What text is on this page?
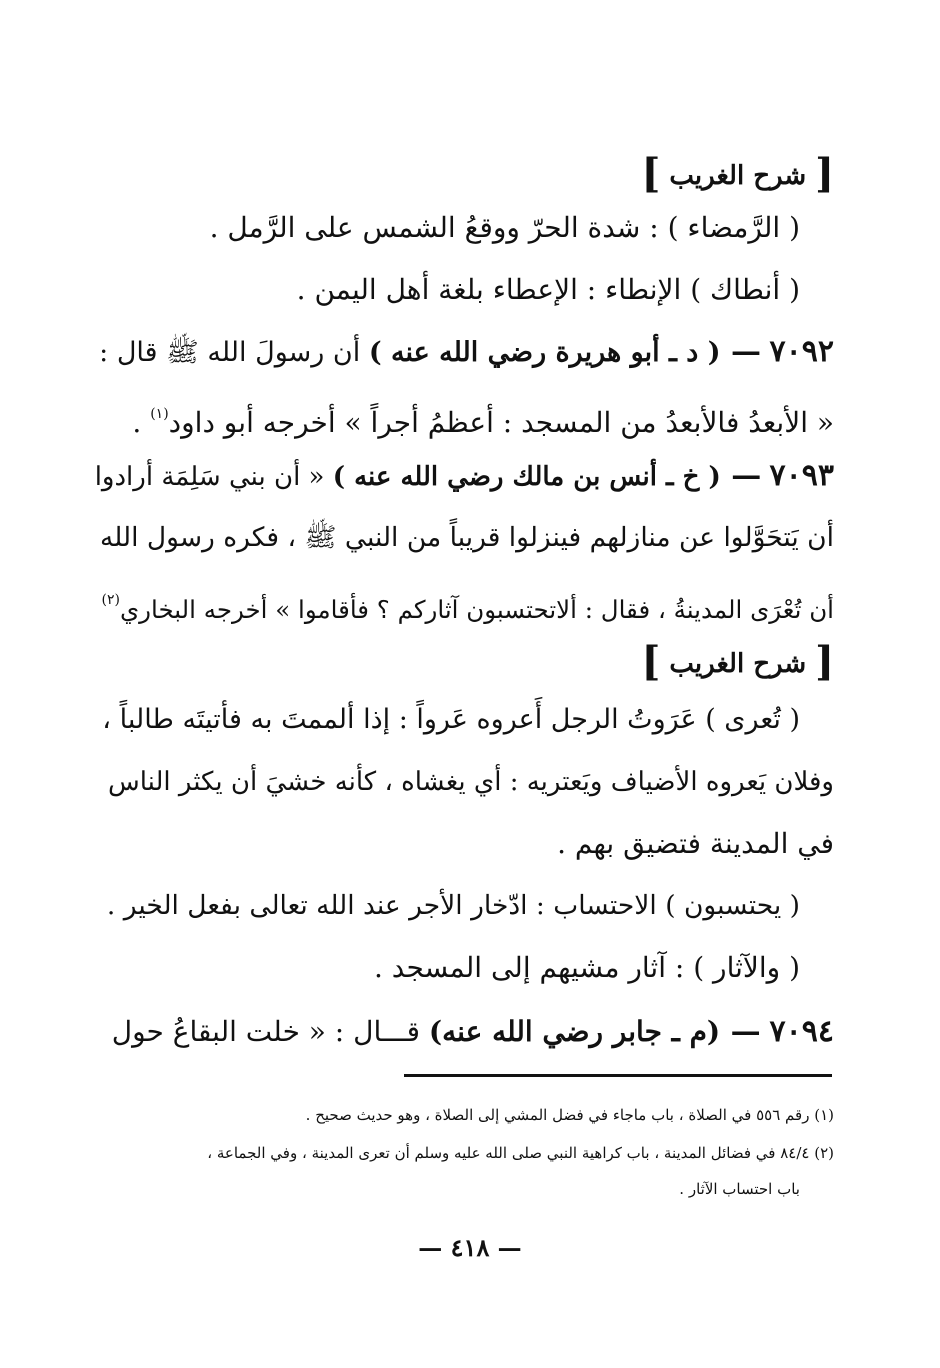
[ شرح الغريب ]
( الرَّمضاء ) : شدة الحرّ ووقعُ الشمس على الرَّمل .
( أنطاك ) الإنطاء : الإعطاء بلغة أهل اليمن .
٧٠٩٢ — ( د ـ أبو هريرة رضي الله عنه ) أن رسولَ الله ﷺ قال :
« الأبعدُ فالأبعدُ من المسجد : أعظمُ أجراً » أخرجه أبو داود$^{(١)}$ .
٧٠٩٣ — ( خ ـ أنس بن مالك رضي الله عنه ) « أن بني سَلِمَة أرادوا
أن يَتحَوَّلوا عن منازلهم فينزلوا قريباً من النبي ﷺ ، فكره رسول الله
أن تُعْرَى المدينةُ ، فقال : ألاتحتسبون آثاركم ؟ فأقاموا » أخرجه البخاري$^{(٢)}$
[ شرح الغريب ]
( تُعرى ) عَرَوتُ الرجل أَعروه عَرواً : إذا ألممتَ به فأتيتَه طالباً ،
وفلان يَعروه الأضياف ويَعتريه : أي يغشاه ، كأنه خشيَ أن يكثر الناس
في المدينة فتضيق بهم .
( يحتسبون ) الاحتساب : ادّخار الأجر عند الله تعالى بفعل الخير .
( والآثار ) : آثار مشيهم إلى المسجد .
٧٠٩٤ — (م ـ جابر رضي الله عنه) قـــال : « خلت البقاعُ حول
(١) رقم ٥٥٦ في الصلاة ، باب ماجاء في فضل المشي إلى الصلاة ، وهو حديث صحيح .
(٢) ٨٤/٤ في فضائل المدينة ، باب كراهية النبي صلى الله عليه وسلم أن تعرى المدينة ، وفي الجماعة ،
باب احتساب الآثار .
— ٤١٨ —
